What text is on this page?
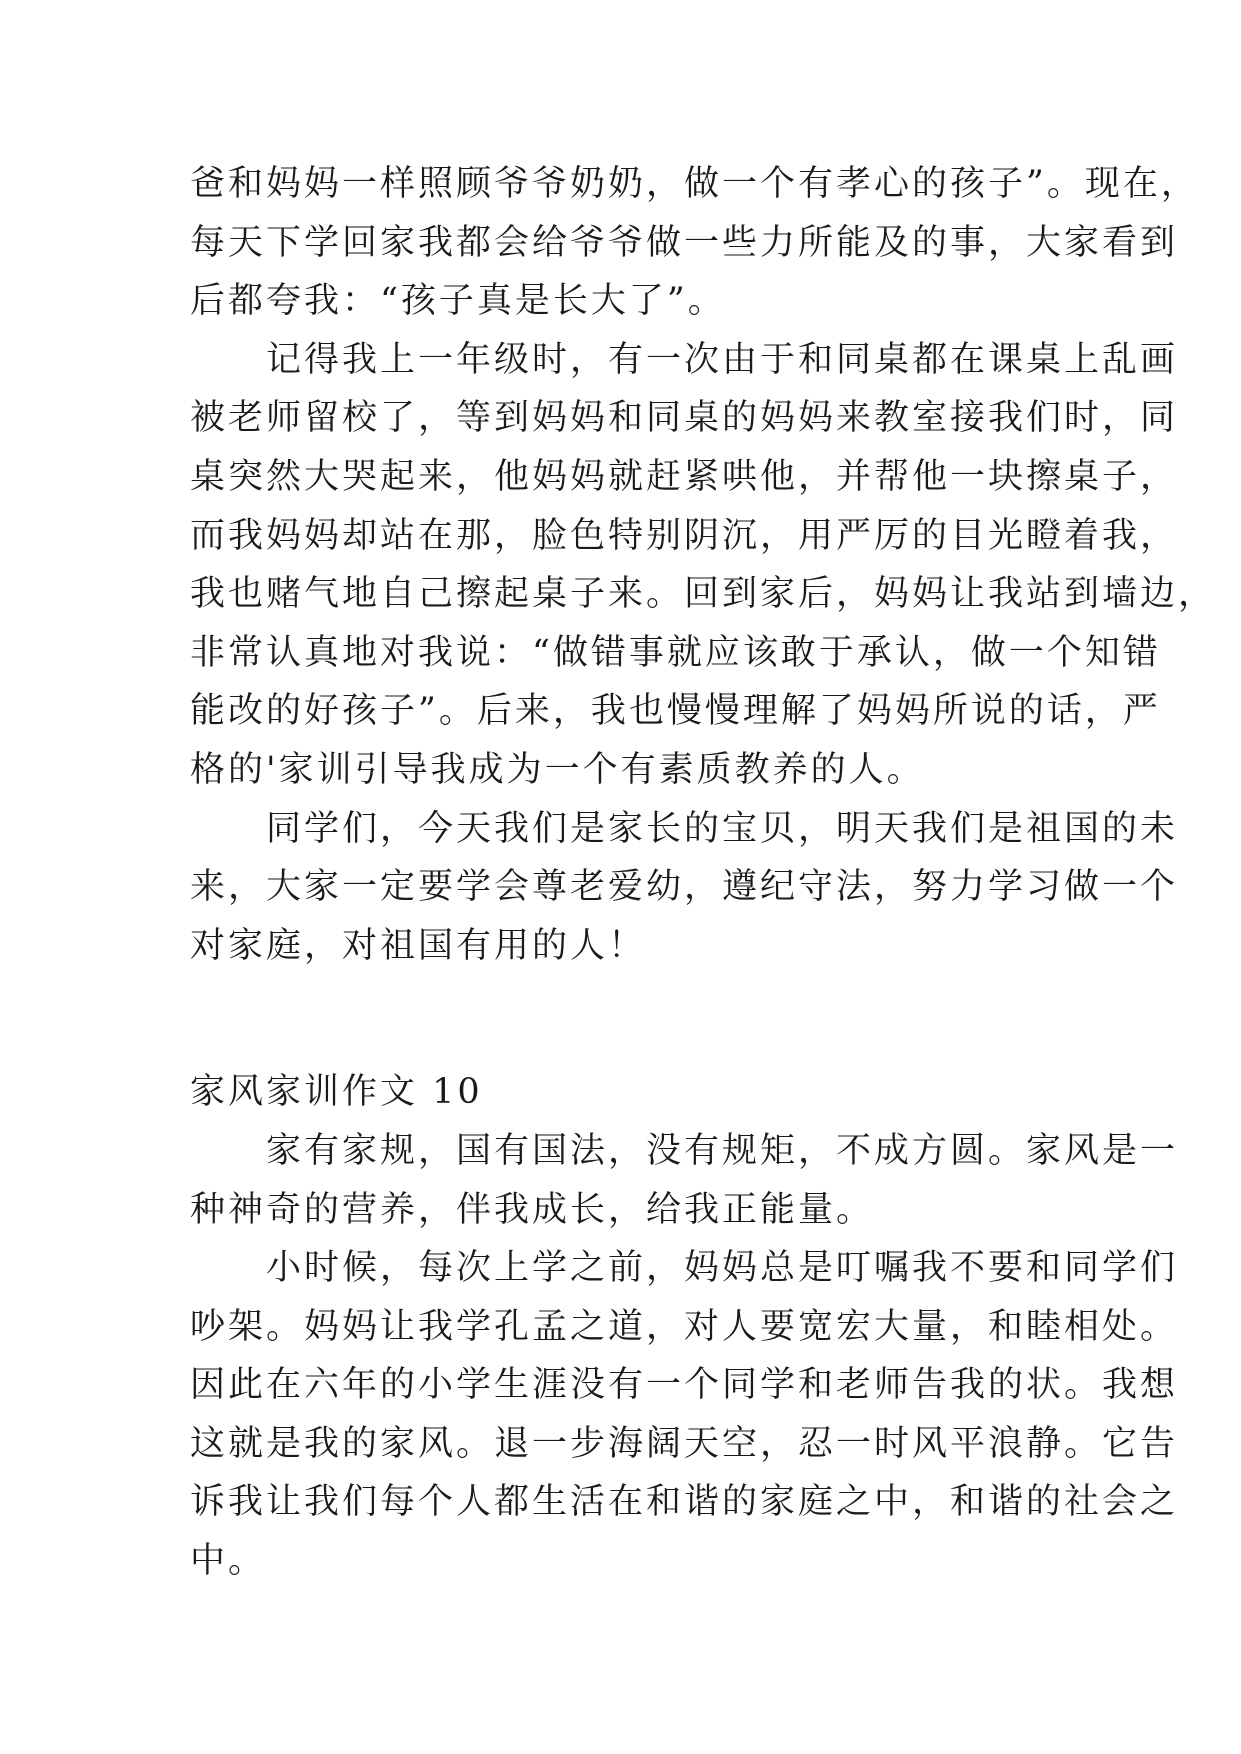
爸和妈妈一样照顾爷爷奶奶，做一个有孝心的孩子”。现在，
每天下学回家我都会给爷爷做一些力所能及的事，大家看到
后都夸我：“孩子真是长大了”。
记得我上一年级时，有一次由于和同桌都在课桌上乱画
被老师留校了，等到妈妈和同桌的妈妈来教室接我们时，同
桌突然大哭起来，他妈妈就赶紧哄他，并帮他一块擦桌子，
而我妈妈却站在那，脸色特别阴沉，用严厉的目光瞪着我，
我也赌气地自己擦起桌子来。回到家后，妈妈让我站到墙边，
非常认真地对我说：“做错事就应该敢于承认，做一个知错
能改的好孩子”。后来，我也慢慢理解了妈妈所说的话，严
格的'家训引导我成为一个有素质教养的人。
同学们，今天我们是家长的宝贝，明天我们是祖国的未
来，大家一定要学会尊老爱幼，遵纪守法，努力学习做一个
对家庭，对祖国有用的人！
家风家训作文 10
家有家规，国有国法，没有规矩，不成方圆。家风是一
种神奇的营养，伴我成长，给我正能量。
小时候，每次上学之前，妈妈总是叮嘱我不要和同学们
吵架。妈妈让我学孔孟之道，对人要宽宏大量，和睦相处。
因此在六年的小学生涯没有一个同学和老师告我的状。我想
这就是我的家风。退一步海阔天空，忍一时风平浪静。它告
诉我让我们每个人都生活在和谐的家庭之中，和谐的社会之
中。
